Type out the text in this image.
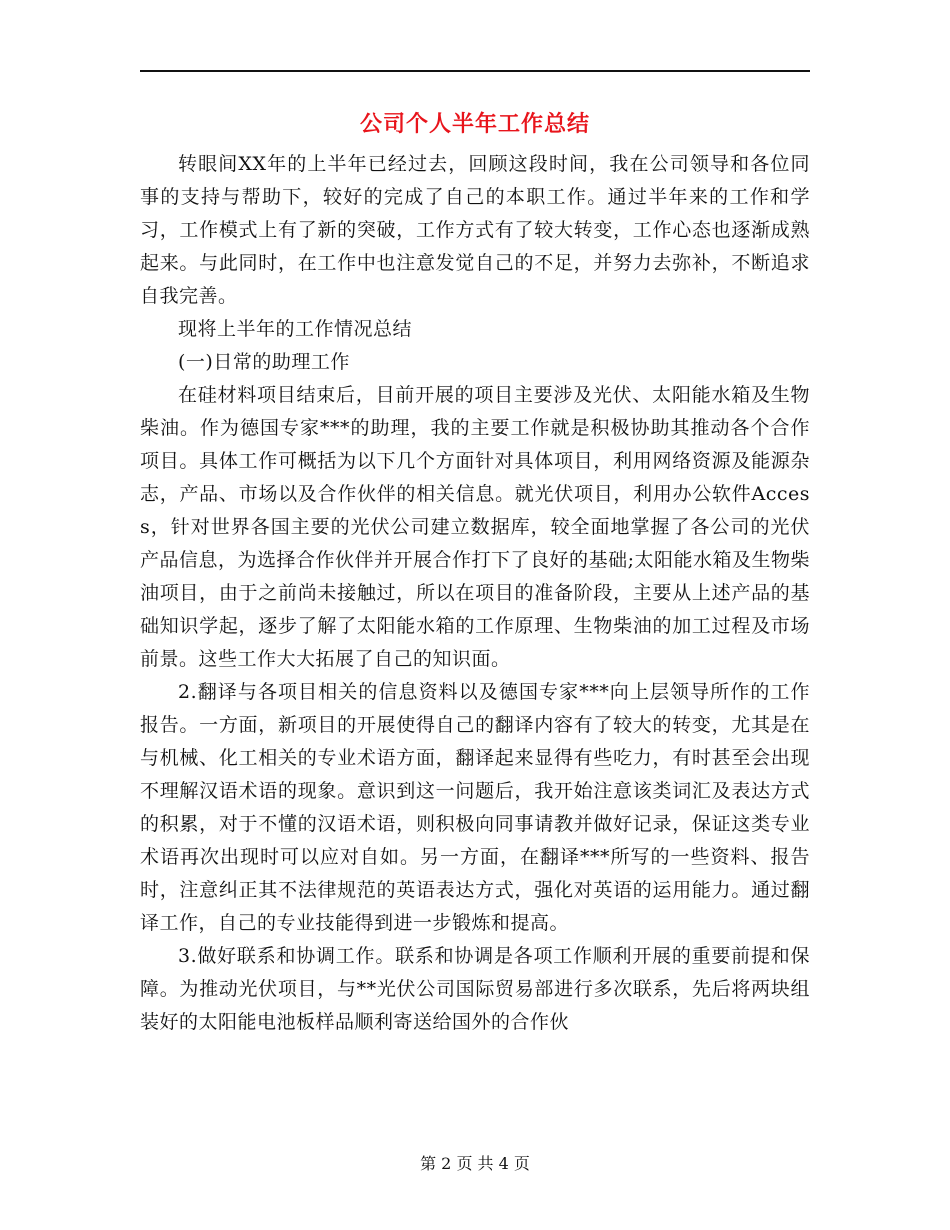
公司个人半年工作总结

转眼间XX年的上半年已经过去，回顾这段时间，我在公司领导和各位同事的支持与帮助下，较好的完成了自己的本职工作。通过半年来的工作和学习，工作模式上有了新的突破，工作方式有了较大转变，工作心态也逐渐成熟起来。与此同时，在工作中也注意发觉自己的不足，并努力去弥补，不断追求自我完善。

现将上半年的工作情况总结

(一)日常的助理工作

在硅材料项目结束后，目前开展的项目主要涉及光伏、太阳能水箱及生物柴油。作为德国专家***的助理，我的主要工作就是积极协助其推动各个合作项目。具体工作可概括为以下几个方面针对具体项目，利用网络资源及能源杂志，产品、市场以及合作伙伴的相关信息。就光伏项目，利用办公软件Access，针对世界各国主要的光伏公司建立数据库，较全面地掌握了各公司的光伏产品信息，为选择合作伙伴并开展合作打下了良好的基础;太阳能水箱及生物柴油项目，由于之前尚未接触过，所以在项目的准备阶段，主要从上述产品的基础知识学起，逐步了解了太阳能水箱的工作原理、生物柴油的加工过程及市场前景。这些工作大大拓展了自己的知识面。

2.翻译与各项目相关的信息资料以及德国专家***向上层领导所作的工作报告。一方面，新项目的开展使得自己的翻译内容有了较大的转变，尤其是在与机械、化工相关的专业术语方面，翻译起来显得有些吃力，有时甚至会出现不理解汉语术语的现象。意识到这一问题后，我开始注意该类词汇及表达方式的积累，对于不懂的汉语术语，则积极向同事请教并做好记录，保证这类专业术语再次出现时可以应对自如。另一方面，在翻译***所写的一些资料、报告时，注意纠正其不法律规范的英语表达方式，强化对英语的运用能力。通过翻译工作，自己的专业技能得到进一步锻炼和提高。

3.做好联系和协调工作。联系和协调是各项工作顺利开展的重要前提和保障。为推动光伏项目，与**光伏公司国际贸易部进行多次联系，先后将两块组装好的太阳能电池板样品顺利寄送给国外的合作伙

第 2 页 共 4 页
